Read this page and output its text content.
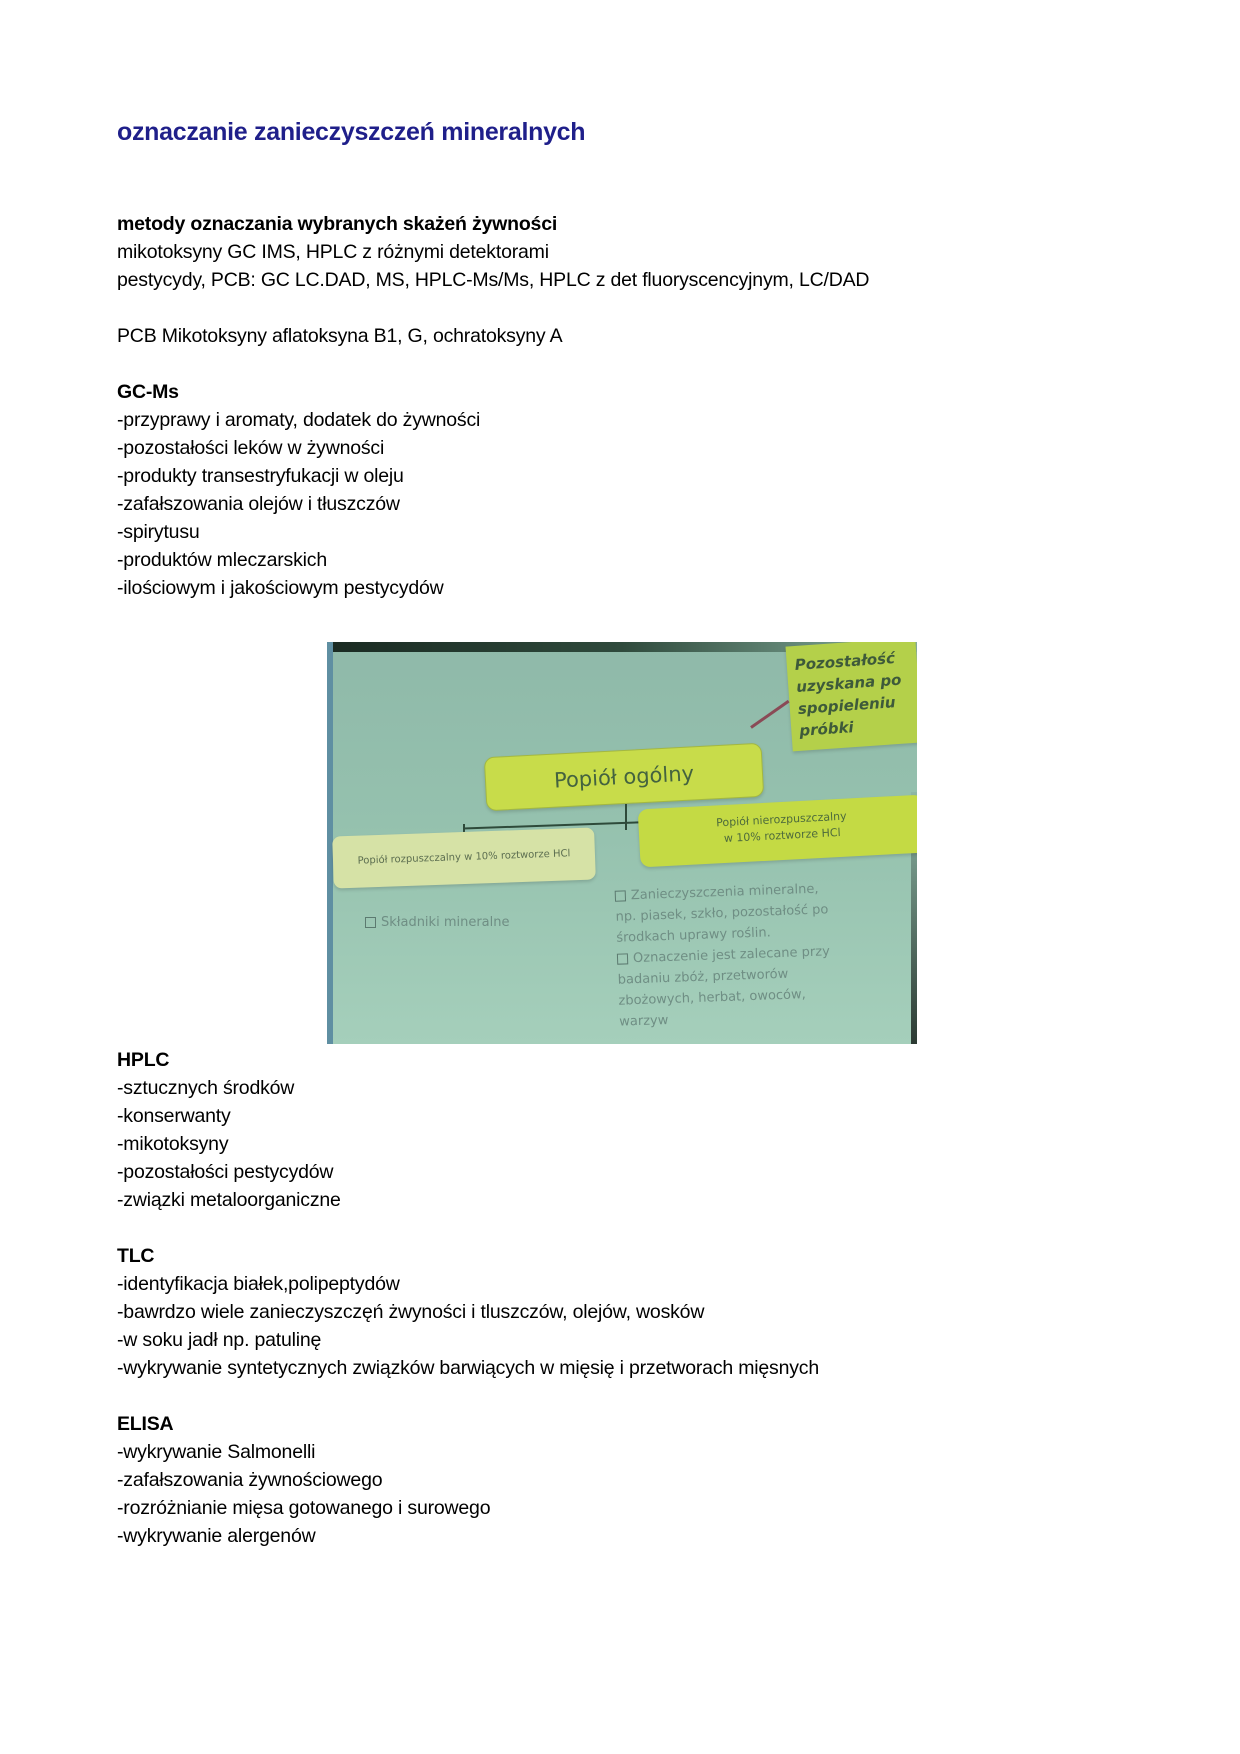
oznaczanie zanieczyszczeń mineralnych
metody oznaczania wybranych skażeń żywności
mikotoksyny GC IMS, HPLC z różnymi detektorami
pestycydy, PCB: GC LC.DAD, MS, HPLC-Ms/Ms, HPLC z det fluoryscencyjnym, LC/DAD
PCB Mikotoksyny aflatoksyna B1, G, ochratoksyny A
GC-Ms
-przyprawy i aromaty, dodatek do żywności
-pozostałości leków w żywności
-produkty transestryfukacji w oleju
-zafałszowania olejów i tłuszczów
-spirytusu
-produktów mleczarskich
-ilościowym i jakościowym pestycydów
Pozostałość
uzyskana po
spopieleniu
próbki
Popiół ogólny
Popiół rozpuszczalny w 10% roztworze HCl
Popiół nierozpuszczalny
w 10% roztworze HCl
Składniki mineralne
Zanieczyszczenia mineralne,
np. piasek, szkło, pozostałość po
środkach uprawy roślin.
Oznaczenie jest zalecane przy
badaniu zbóż, przetworów
zbożowych, herbat, owoców,
warzyw
HPLC
-sztucznych środków
-konserwanty
-mikotoksyny
-pozostałości pestycydów
-związki metaloorganiczne
TLC
-identyfikacja białek,polipeptydów
-bawrdzo wiele zanieczyszczęń żwyności i tluszczów, olejów, wosków
-w soku jadł np. patulinę
-wykrywanie syntetycznych związków barwiących w mięsię i przetworach mięsnych
ELISA
-wykrywanie Salmonelli
-zafałszowania żywnościowego
-rozróżnianie mięsa gotowanego i surowego
-wykrywanie alergenów
